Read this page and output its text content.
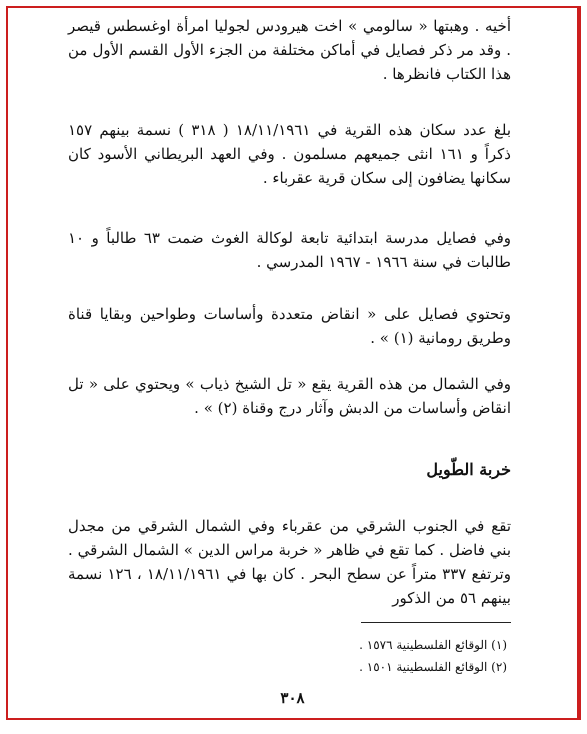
أخيه . وهبتها « سالومي » اخت هيرودس لجوليا امرأة اوغسطس قيصر . وقد مر ذكر فصايل في أماكن مختلفة من الجزء الأول القسم الأول من هذا الكتاب فانظرها .

بلغ عدد سكان هذه القرية في ١٨/١١/١٩٦١ ( ٣١٨ ) نسمة بينهم ١٥٧ ذكراً و ١٦١ انثى جميعهم مسلمون . وفي العهد البريطاني الأسود كان سكانها يضافون إلى سكان قرية عقرباء .

وفي فصايل مدرسة ابتدائية تابعة لوكالة الغوث ضمت ٦٣ طالباً و ١٠ طالبات في سنة ١٩٦٦ - ١٩٦٧ المدرسي .

وتحتوي فصايل على « انقاض متعددة وأساسات وطواحين وبقايا قناة وطريق رومانية (١) » .

وفي الشمال من هذه القرية يقع « تل الشيخ ذياب » ويحتوي على « تل انقاض وأساسات من الدبش وآثار درج وقناة (٢) » .

خربة الطّويل

تقع في الجنوب الشرقي من عقرباء وفي الشمال الشرقي من مجدل بني فاضل . كما تقع في ظاهر « خربة مراس الدين » الشمال الشرقي . وترتفع ٣٣٧ متراً عن سطح البحر . كان بها في ١٨/١١/١٩٦١ ، ١٢٦ نسمة بينهم ٥٦ من الذكور

(١) الوقائع الفلسطينية ١٥٧٦ .

(٢) الوقائع الفلسطينية ١٥٠١ .

٣٠٨
